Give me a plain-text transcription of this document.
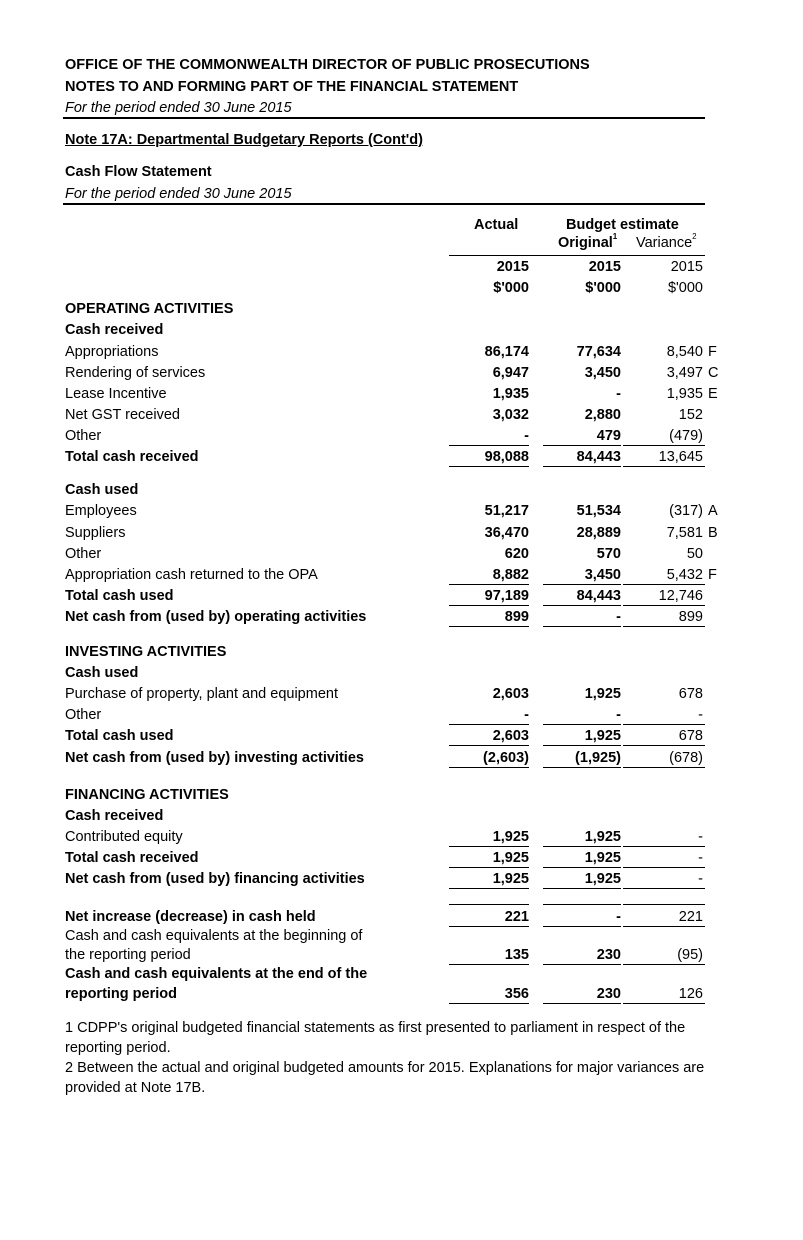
OFFICE OF THE COMMONWEALTH DIRECTOR OF PUBLIC PROSECUTIONS
NOTES TO AND FORMING PART OF THE FINANCIAL STATEMENT
For the period ended 30 June 2015
Note 17A: Departmental Budgetary Reports (Cont'd)
Cash Flow Statement
For the period ended 30 June 2015
Actual	Budget estimate
Original$^1$ Variance$^2$
2015	2015	2015
$'000	$'000	$'000
OPERATING ACTIVITIES
Cash received
Appropriations	86,174	77,634	8,540 F
Rendering of services	6,947	3,450	3,497 C
Lease Incentive	1,935	-	1,935 E
Net GST received	3,032	2,880	152
Other	-	479	(479)
Total cash received	98,088	84,443	13,645
Cash used
Employees	51,217	51,534	(317) A
Suppliers	36,470	28,889	7,581 B
Other	620	570	50
Appropriation cash returned to the OPA	8,882	3,450	5,432 F
Total cash used	97,189	84,443	12,746
Net cash from (used by) operating activities	899	-	899
INVESTING ACTIVITIES
Cash used
Purchase of property, plant and equipment	2,603	1,925	678
Other	-	-	-
Total cash used	2,603	1,925	678
Net cash from (used by) investing activities	(2,603)	(1,925)	(678)
FINANCING ACTIVITIES
Cash received
Contributed equity	1,925	1,925	-
Total cash received	1,925	1,925	-
Net cash from (used by) financing activities	1,925	1,925	-
Net increase (decrease) in cash held	221	-	221
Cash and cash equivalents at the beginning of
the reporting period	135	230	(95)
Cash and cash equivalents at the end of the
reporting period	356	230	126
1 CDPP's original budgeted financial statements as first presented to parliament in respect of the reporting period.
2 Between the actual and original budgeted amounts for 2015. Explanations for major variances are provided at Note 17B.
